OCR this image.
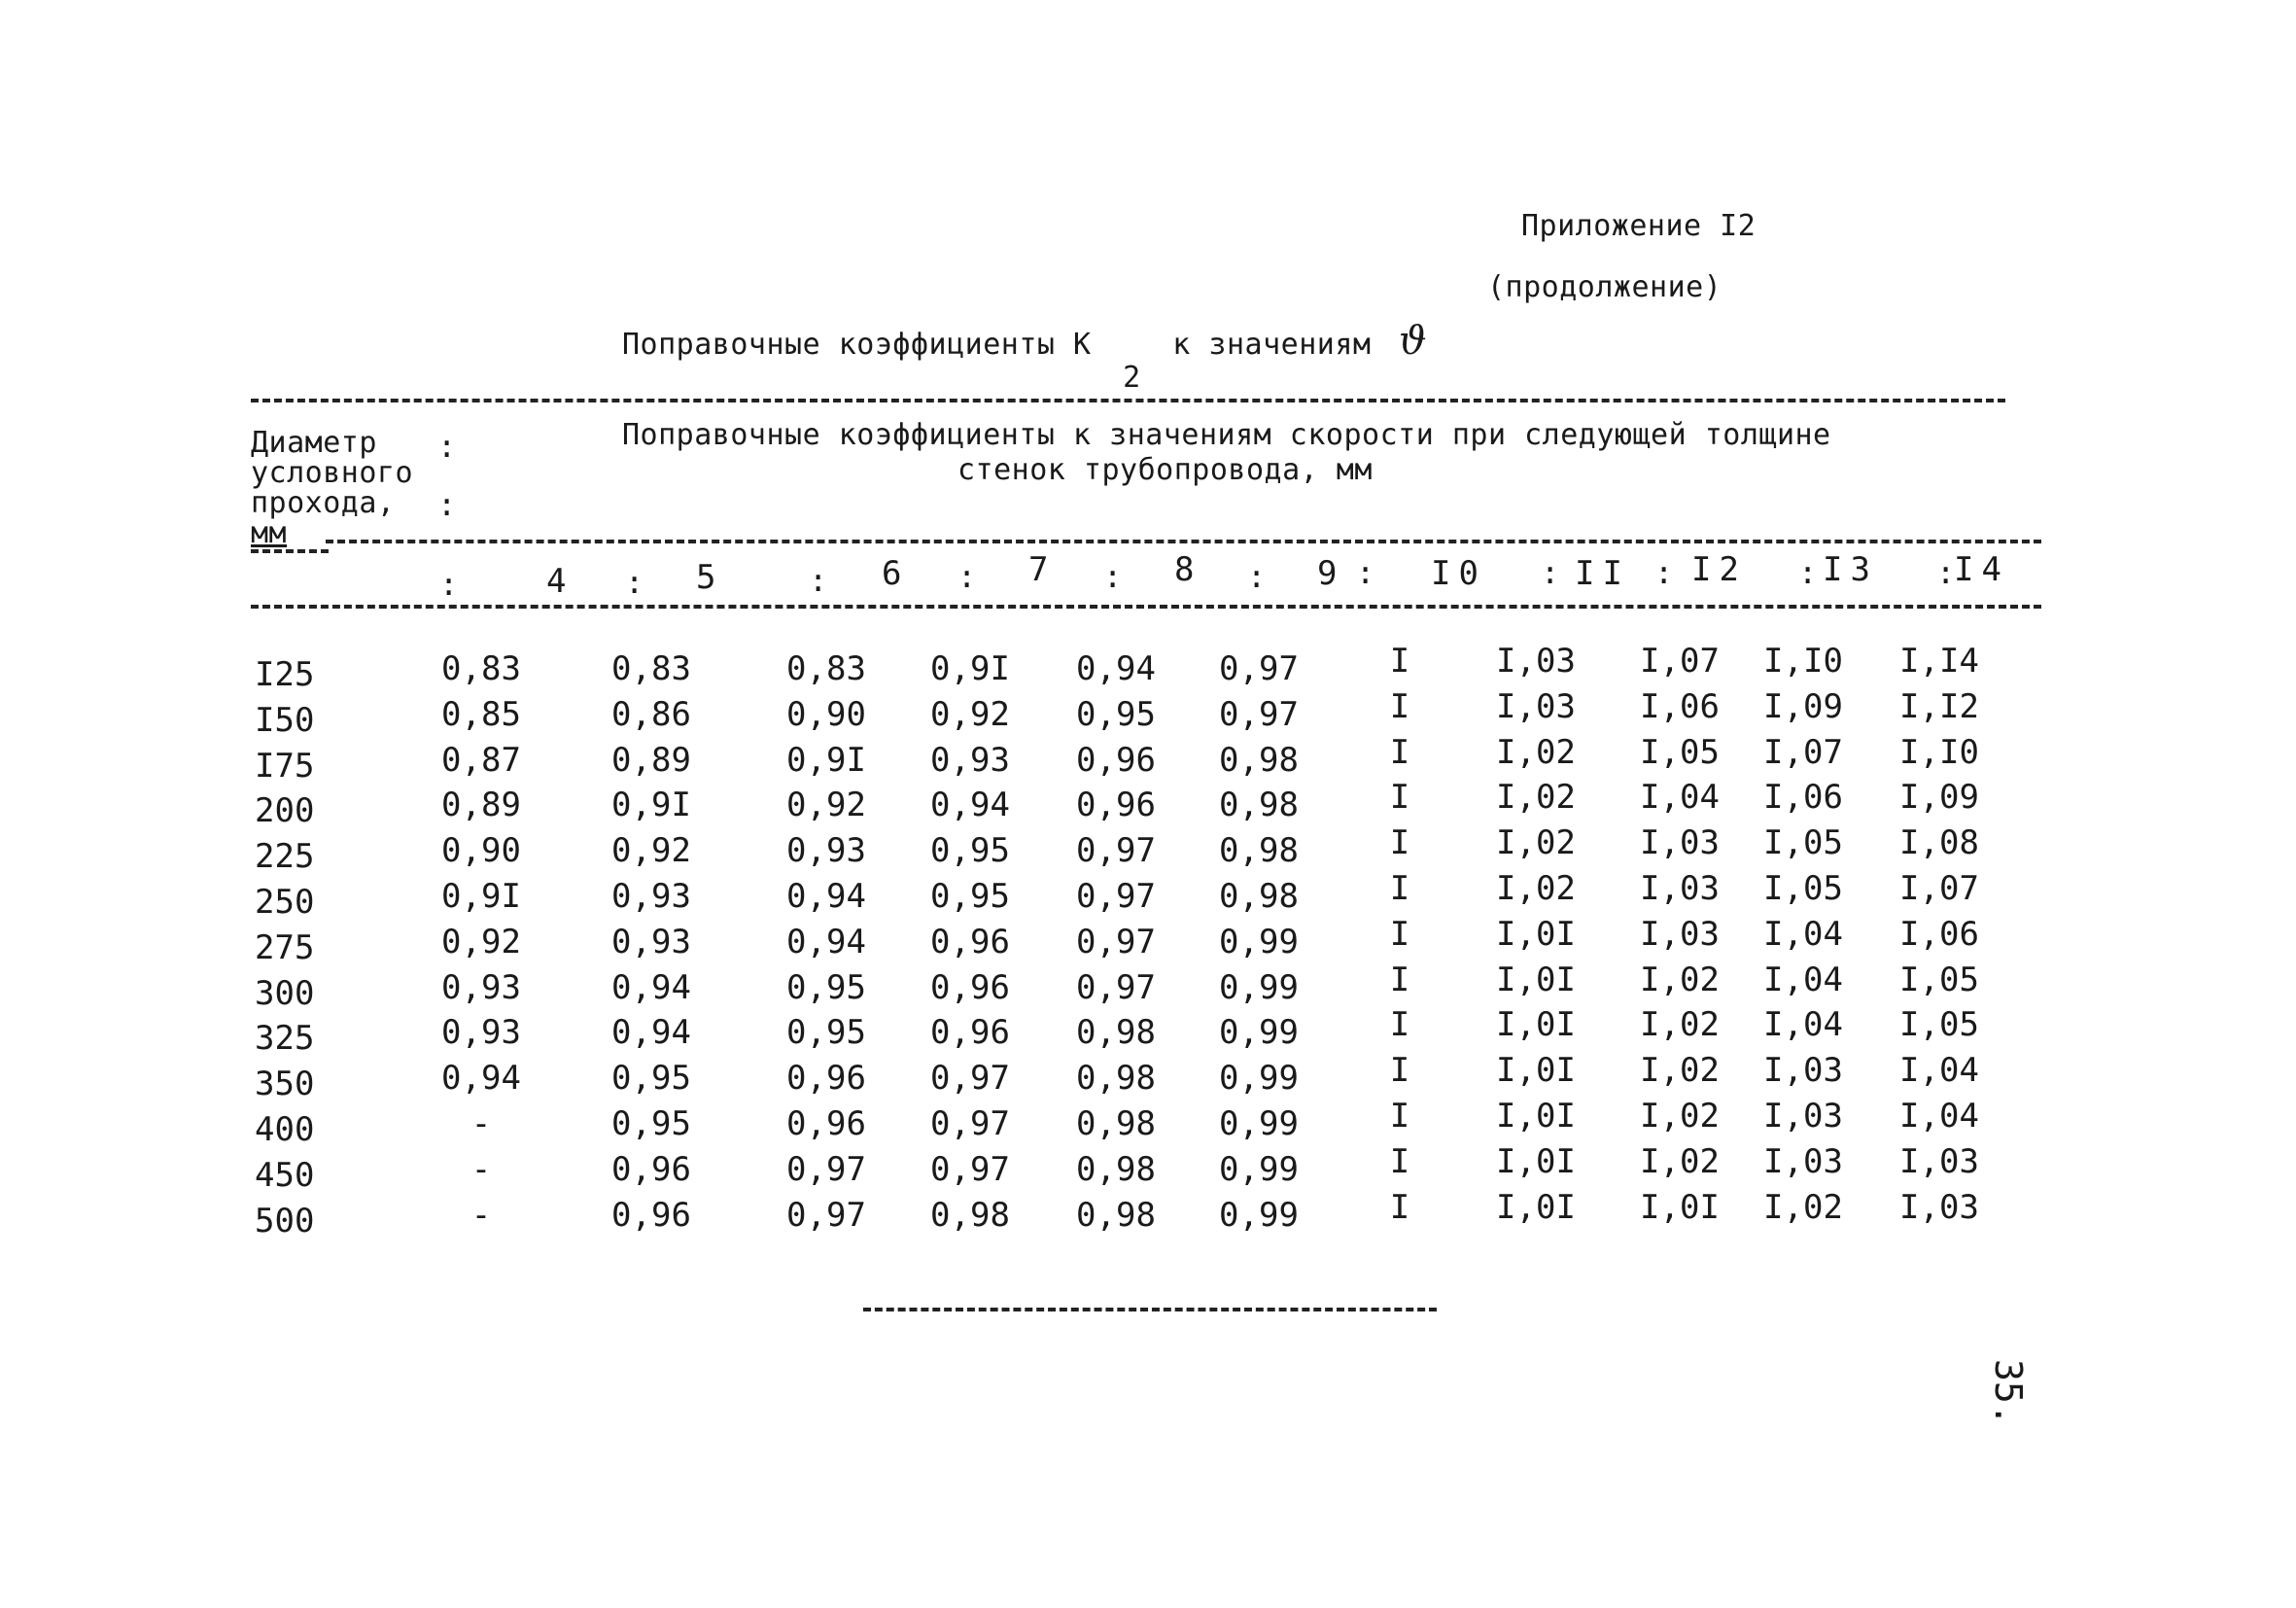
Приложение I2
(продолжение)
Поправочные коэффициенты К 2 к значениям ϑ
Диаметр
условного
прохода,
мм
:
:
Поправочные коэффициенты к значениям скорости при следующей толщине
стенок трубопровода, мм
4	5	6	7	8	9	I0	II I2 I3 I4
:	:	:	:	:	:	:	:	:	:	:
I25	0,83	0,83	0,83	0,9I	0,94	0,97	I	I,03	I,07	I,I0	I,I4
I50	0,85	0,86	0,90	0,92	0,95	0,97	I	I,03	I,06	I,09	I,I2
I75	0,87	0,89	0,9I	0,93	0,96	0,98	I	I,02	I,05	I,07	I,I0
200	0,89	0,9I	0,92	0,94	0,96	0,98	I	I,02	I,04	I,06	I,09
225	0,90	0,92	0,93	0,95	0,97	0,98	I	I,02	I,03	I,05	I,08
250	0,9I	0,93	0,94	0,95	0,97	0,98	I	I,02	I,03	I,05	I,07
275	0,92	0,93	0,94	0,96	0,97	0,99	I	I,0I	I,03	I,04	I,06
300	0,93	0,94	0,95	0,96	0,97	0,99	I	I,0I	I,02	I,04	I,05
325	0,93	0,94	0,95	0,96	0,98	0,99	I	I,0I	I,02	I,04	I,05
350	0,94	0,95	0,96	0,97	0,98	0,99	I	I,0I	I,02	I,03	I,04
400	-	0,95	0,96	0,97	0,98	0,99	I	I,0I	I,02	I,03	I,04
450	-	0,96	0,97	0,97	0,98	0,99	I	I,0I	I,02	I,03	I,03
500	-	0,96	0,97	0,98	0,98	0,99	I	I,0I	I,0I	I,02	I,03
35.
